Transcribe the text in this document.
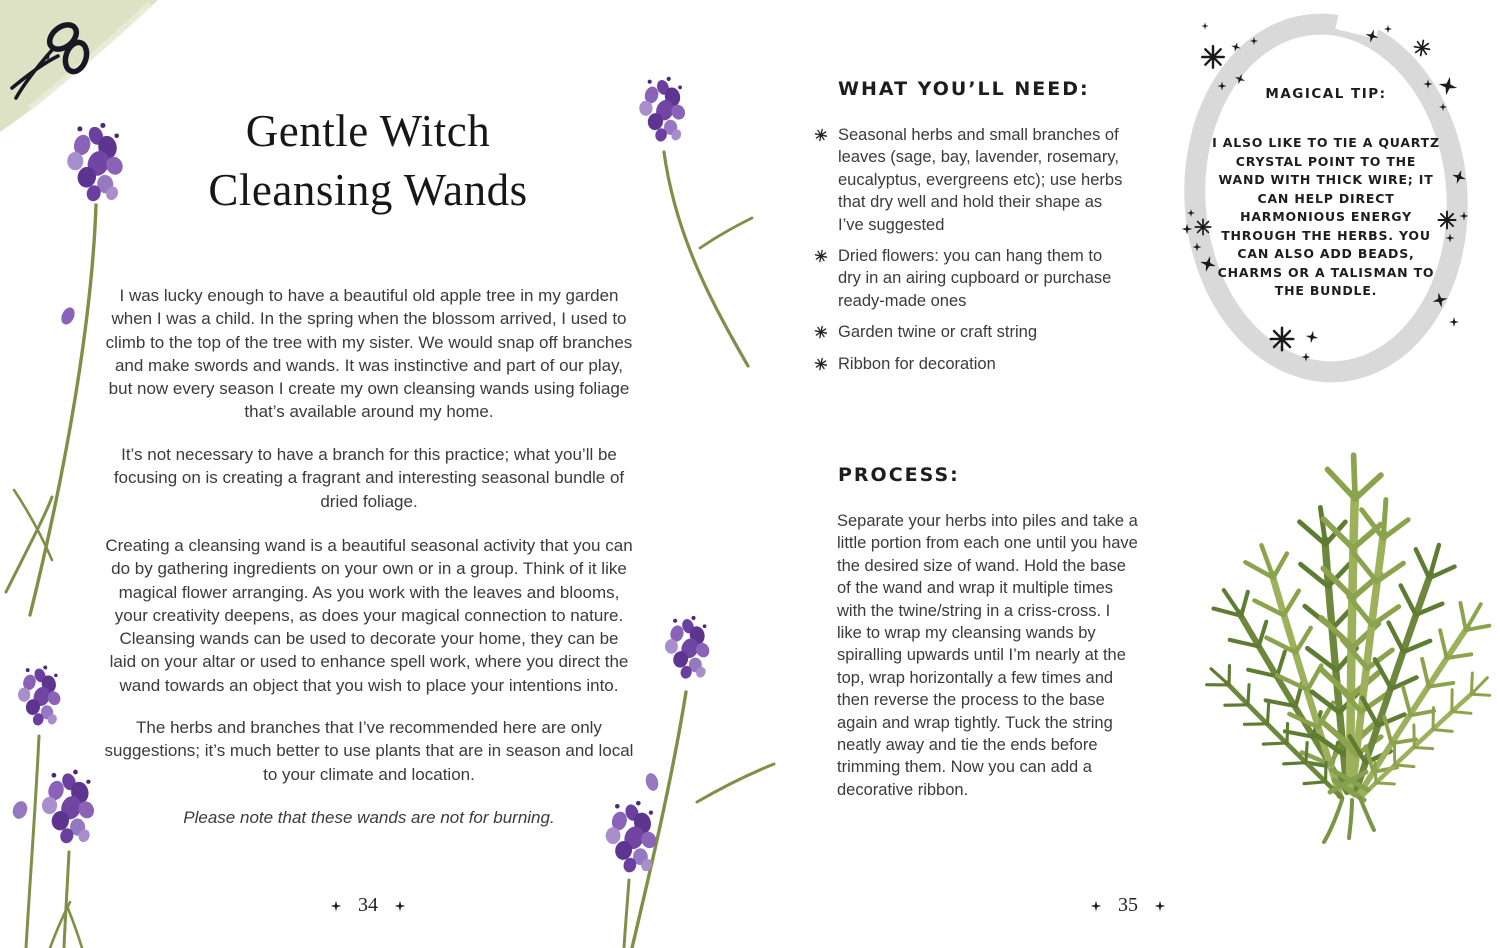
Gentle Witch
Cleansing Wands

I was lucky enough to have a beautiful old apple tree in my garden when I was a child. In the spring when the blossom arrived, I used to climb to the top of the tree with my sister. We would snap off branches and make swords and wands. It was instinctive and part of our play, but now every season I create my own cleansing wands using foliage that’s available around my home.

It’s not necessary to have a branch for this practice; what you’ll be focusing on is creating a fragrant and interesting seasonal bundle of dried foliage.

Creating a cleansing wand is a beautiful seasonal activity that you can do by gathering ingredients on your own or in a group. Think of it like magical flower arranging. As you work with the leaves and blooms, your creativity deepens, as does your magical connection to nature. Cleansing wands can be used to decorate your home, they can be laid on your altar or used to enhance spell work, where you direct the wand towards an object that you wish to place your intentions into.

The herbs and branches that I’ve recommended here are only suggestions; it’s much better to use plants that are in season and local to your climate and location.

Please note that these wands are not for burning.

34
WHAT YOU’LL NEED:
Seasonal herbs and small branches of leaves (sage, bay, lavender, rosemary, eucalyptus, evergreens etc); use herbs that dry well and hold their shape as I’ve suggested
Dried flowers: you can hang them to dry in an airing cupboard or purchase ready-made ones
Garden twine or craft string
Ribbon for decoration
PROCESS:

Separate your herbs into piles and take a little portion from each one until you have the desired size of wand. Hold the base of the wand and wrap it multiple times with the twine/string in a criss-cross. I like to wrap my cleansing wands by spiralling upwards until I’m nearly at the top, wrap horizontally a few times and then reverse the process to the base again and wrap tightly. Tuck the string neatly away and tie the ends before trimming them. Now you can add a decorative ribbon.

MAGICAL TIP:
I ALSO LIKE TO TIE A QUARTZ CRYSTAL POINT TO THE WAND WITH THICK WIRE; IT CAN HELP DIRECT HARMONIOUS ENERGY THROUGH THE HERBS. YOU CAN ALSO ADD BEADS, CHARMS OR A TALISMAN TO THE BUNDLE.
35
